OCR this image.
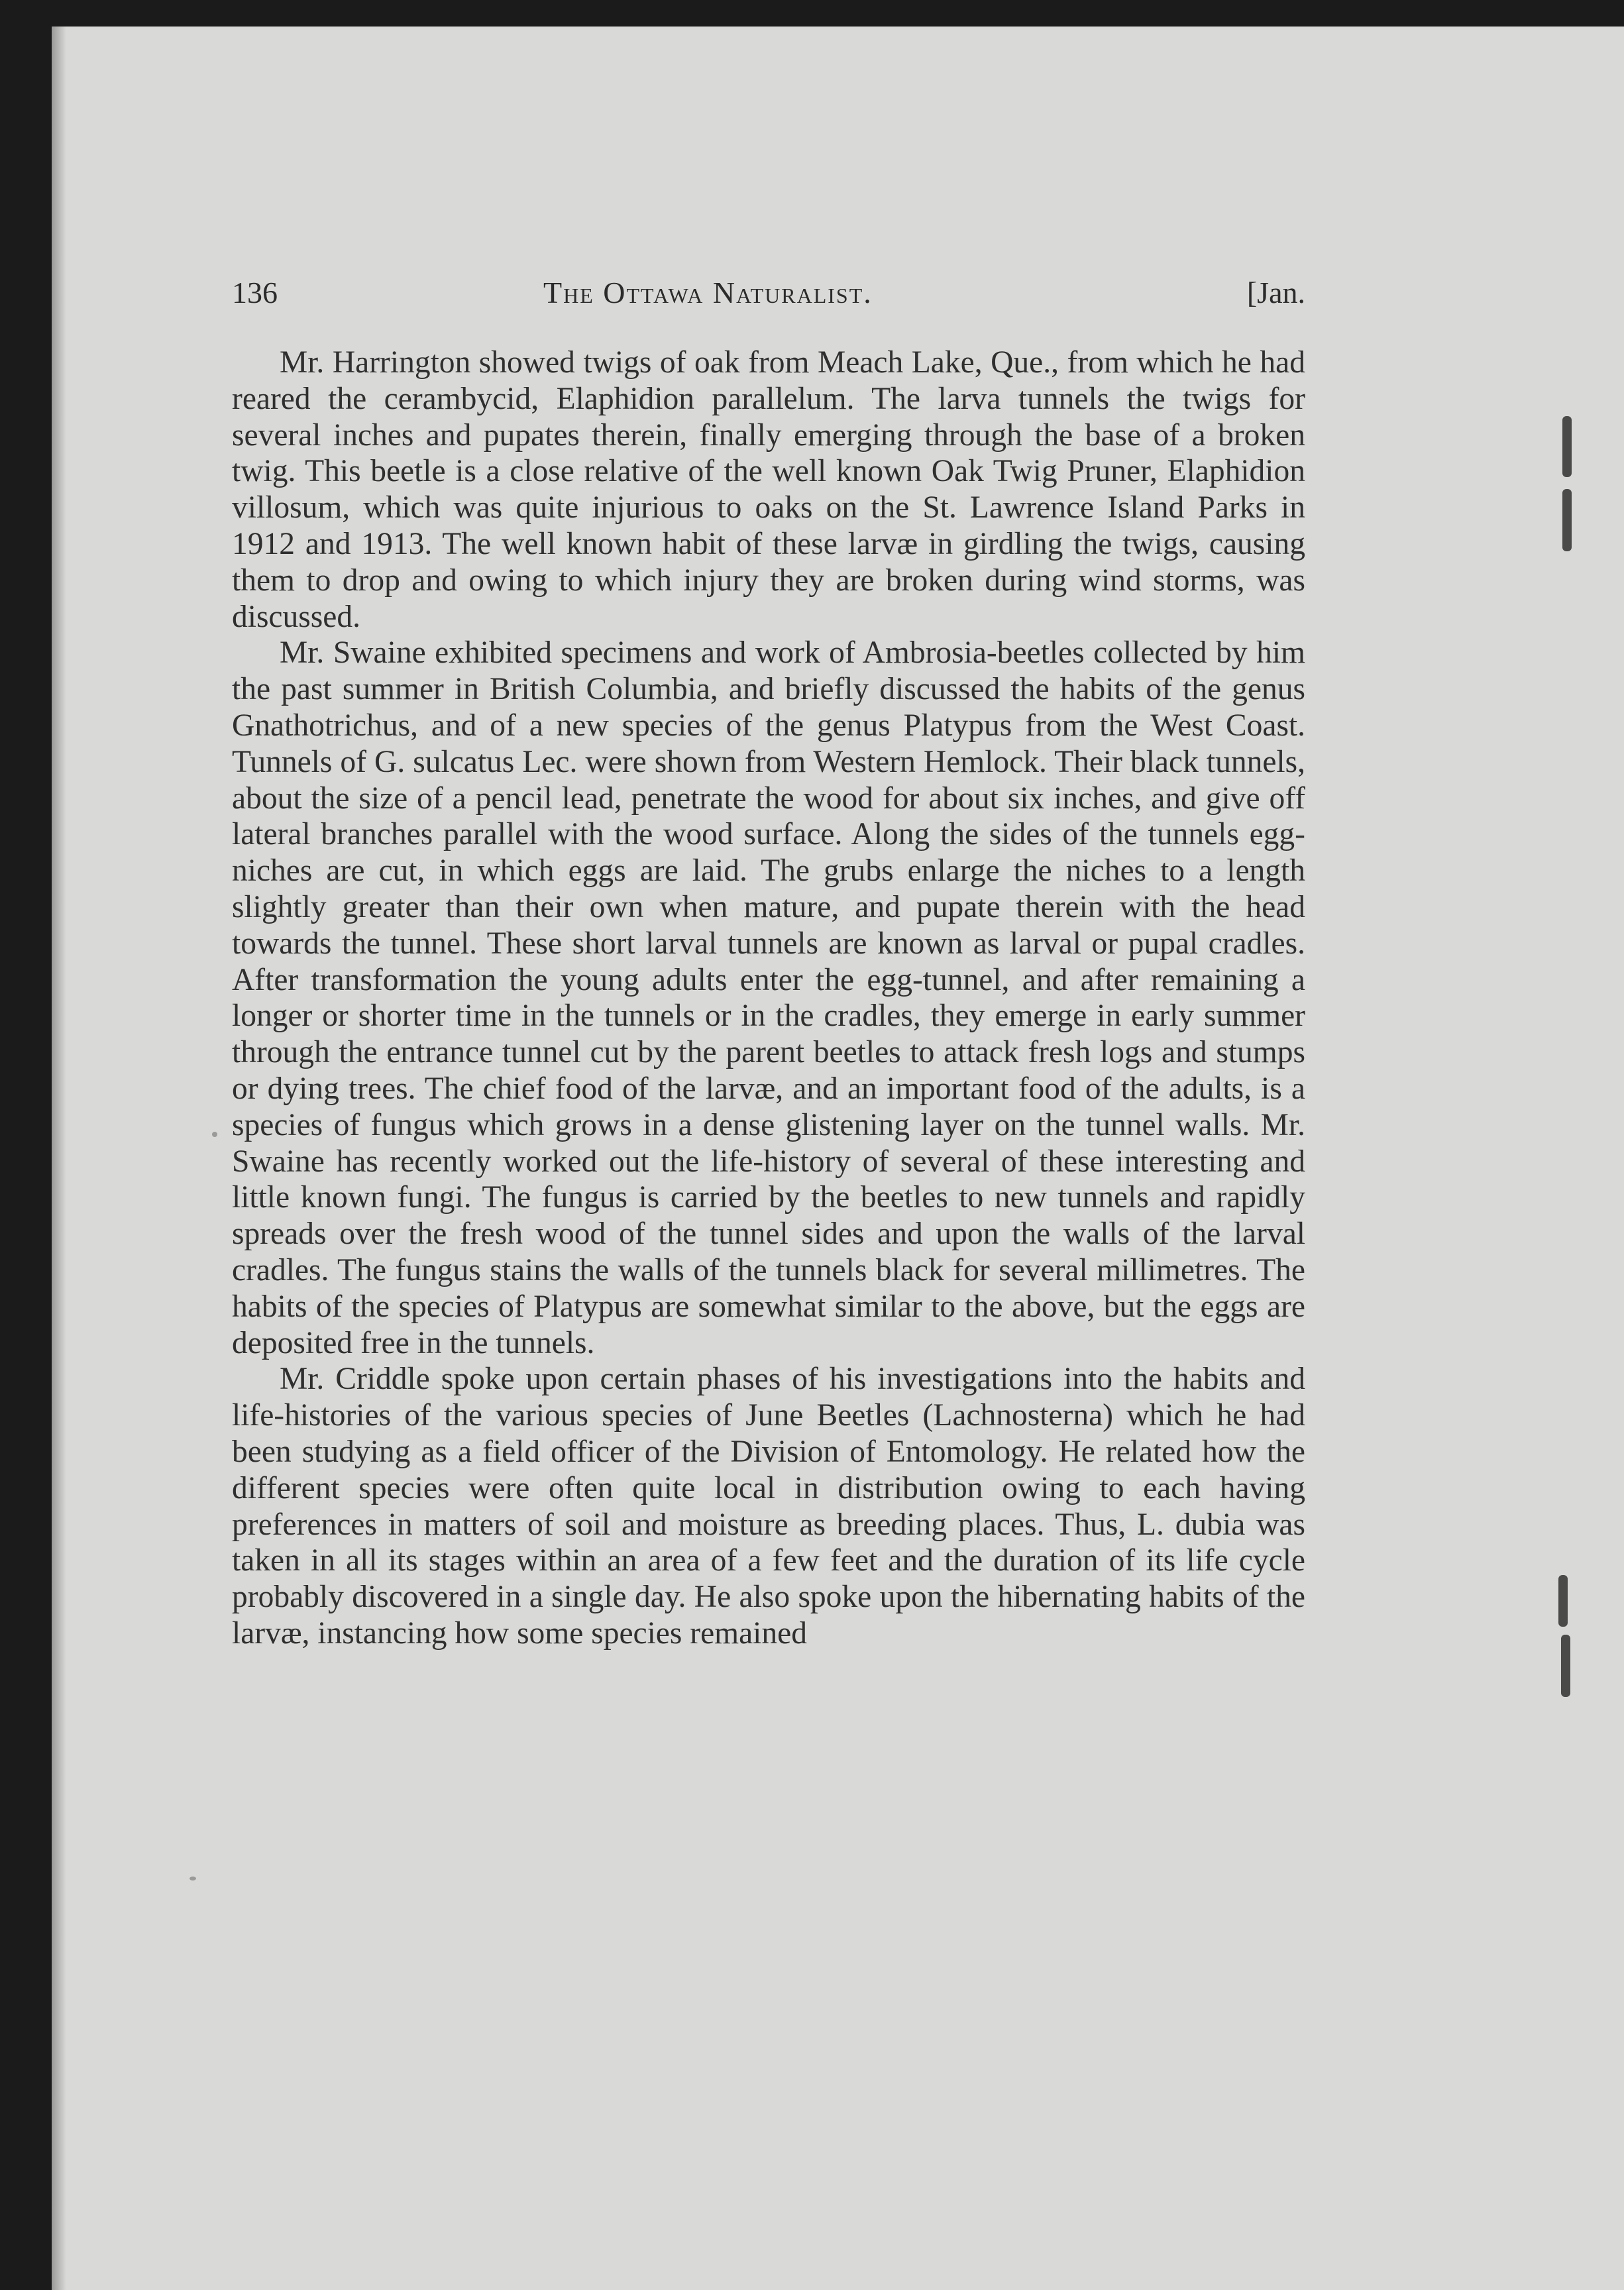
136	The Ottawa Naturalist.	[Jan.

Mr. Harrington showed twigs of oak from Meach Lake, Que., from which he had reared the cerambycid, Elaphidion parallelum. The larva tunnels the twigs for several inches and pupates therein, finally emerging through the base of a broken twig. This beetle is a close relative of the well known Oak Twig Pruner, Elaphidion villosum, which was quite injurious to oaks on the St. Lawrence Island Parks in 1912 and 1913. The well known habit of these larvæ in girdling the twigs, causing them to drop and owing to which injury they are broken during wind storms, was discussed.

Mr. Swaine exhibited specimens and work of Ambrosia-beetles collected by him the past summer in British Columbia, and briefly discussed the habits of the genus Gnathotrichus, and of a new species of the genus Platypus from the West Coast. Tunnels of G. sulcatus Lec. were shown from Western Hemlock. Their black tunnels, about the size of a pencil lead, penetrate the wood for about six inches, and give off lateral branches parallel with the wood surface. Along the sides of the tunnels egg-niches are cut, in which eggs are laid. The grubs enlarge the niches to a length slightly greater than their own when mature, and pupate therein with the head towards the tunnel. These short larval tunnels are known as larval or pupal cradles. After transformation the young adults enter the egg-tunnel, and after remaining a longer or shorter time in the tunnels or in the cradles, they emerge in early summer through the entrance tunnel cut by the parent beetles to attack fresh logs and stumps or dying trees. The chief food of the larvæ, and an important food of the adults, is a species of fungus which grows in a dense glistening layer on the tunnel walls. Mr. Swaine has recently worked out the life-history of several of these interesting and little known fungi. The fungus is carried by the beetles to new tunnels and rapidly spreads over the fresh wood of the tunnel sides and upon the walls of the larval cradles. The fungus stains the walls of the tunnels black for several millimetres. The habits of the species of Platypus are somewhat similar to the above, but the eggs are deposited free in the tunnels.

Mr. Criddle spoke upon certain phases of his investigations into the habits and life-histories of the various species of June Beetles (Lachnosterna) which he had been studying as a field officer of the Division of Entomology. He related how the different species were often quite local in distribution owing to each having preferences in matters of soil and moisture as breeding places. Thus, L. dubia was taken in all its stages within an area of a few feet and the duration of its life cycle probably discovered in a single day. He also spoke upon the hibernating habits of the larvæ, instancing how some species remained
